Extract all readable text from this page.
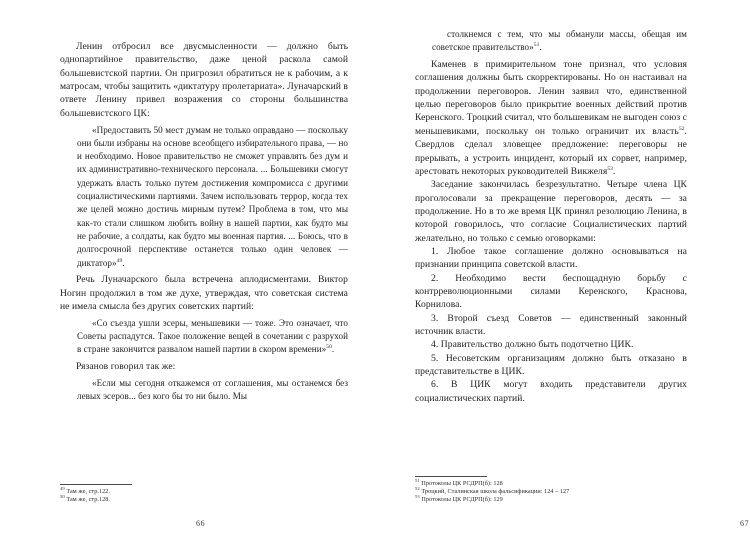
Ленин отбросил все двусмысленности — должно быть однопартийное правительство, даже ценой раскола самой большевистской партии. Он пригрозил обратиться не к рабочим, а к матросам, чтобы защитить «диктатуру пролетариата». Луначарский в ответе Ленину привел возражения со стороны большинства большевистского ЦК:

«Предоставить 50 мест думам не только оправдано — поскольку они были избраны на основе всеобщего избирательного права, — но и необходимо. Новое правительство не сможет управлять без дум и их административно-технического персонала. ... Большевики смогут удержать власть только путем достижения компромисса с другими социалистическими партиями. Зачем использовать террор, когда тех же целей можно достичь мирным путем? Проблема в том, что мы как-то стали слишком любить войну в нашей партии, как будто мы не рабочие, а солдаты, как будто мы военная партия. ... Боюсь, что в долгосрочной перспективе останется только один человек — диктатор»$^{49}$.

Речь Луначарского была встречена аплодисментами. Виктор Ногин продолжил в том же духе, утверждая, что советская система не имела смысла без других советских партий:

«Со съезда ушли эсеры, меньшевики — тоже. Это означает, что Советы распадутся. Такое положение вещей в сочетании с разрухой в стране закончится развалом нашей партии в скором времени»$^{50}$.

Рязанов говорил так же:

«Если мы сегодня откажемся от соглашения, мы останемся без левых эсеров... без кого бы то ни было. Мы

$^{49}$ Там же, стр.122.

$^{50}$ Там же, стр.128.

66

столкнемся с тем, что мы обманули массы, обещая им советское правительство»$^{51}$.

Каменев в примирительном тоне признал, что условия соглашения должны быть скорректированы. Но он настаивал на продолжении переговоров. Ленин заявил что, единственной целью переговоров было прикрытие военных действий против Керенского. Троцкий считал, что большевикам не выгоден союз с меньшевиками, поскольку он только ограничит их власть$^{52}$. Свердлов сделал зловещее предложение: переговоры не прерывать, а устроить инцидент, который их сорвет, например, арестовать некоторых руководителей Викжеля$^{53}$.

Заседание закончилась безрезультатно. Четыре члена ЦК проголосовали за прекращение переговоров, десять — за продолжение. Но в то же время ЦК принял резолюцию Ленина, в которой говорилось, что согласие Социалистических партий желательно, но только с семью оговорками:

1. Любое такое соглашение должно основываться на признании принципа советской власти.

2. Необходимо вести беспощадную борьбу с контрреволюционными силами Керенского, Краснова, Корнилова.

3. Второй съезд Советов — единственный законный источник власти.

4. Правительство должно быть подотчетно ЦИК.

5. Несоветским организациям должно быть отказано в представительстве в ЦИК.

6. В ЦИК могут входить представители других социалистических партий.

$^{51}$ Протоколы ЦК РСДРП(б): 128

$^{52}$ Троцкий, Сталинская школа фальсификации: 124 – 127

$^{53}$ Протоколы ЦК РСДРП(б): 129

67
